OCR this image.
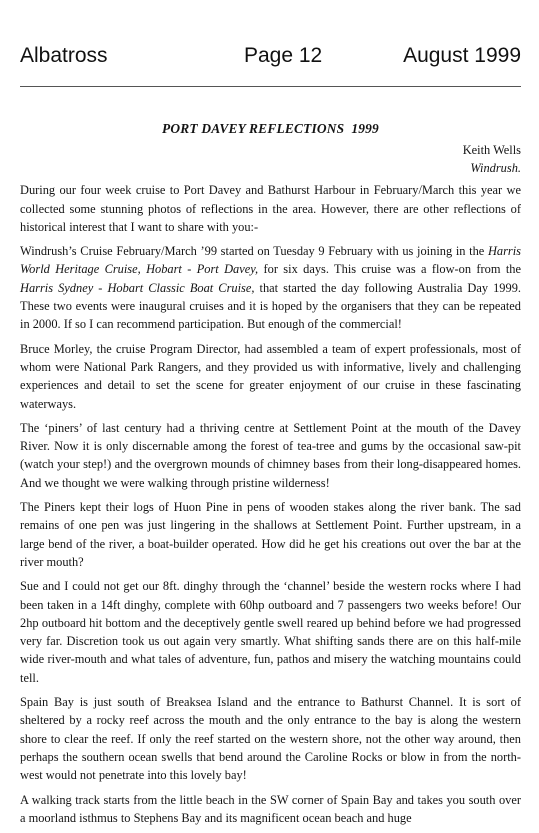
Albatross	Page 12	August 1999
PORT DAVEY REFLECTIONS  1999
Keith Wells
Windrush.

During our four week cruise to Port Davey and Bathurst Harbour in February/March this year we collected some stunning photos of reflections in the area. However, there are other reflections of historical interest that I want to share with you:-

Windrush’s Cruise February/March ’99 started on Tuesday 9 February with us joining in the Harris World Heritage Cruise, Hobart - Port Davey, for six days. This cruise was a flow-on from the Harris Sydney - Hobart Classic Boat Cruise, that started the day following Australia Day 1999. These two events were inaugural cruises and it is hoped by the organisers that they can be repeated in 2000. If so I can recommend participation. But enough of the commercial!

Bruce Morley, the cruise Program Director, had assembled a team of expert professionals, most of whom were National Park Rangers, and they provided us with informative, lively and challenging experiences and detail to set the scene for greater enjoyment of our cruise in these fascinating waterways.

The ‘piners’ of last century had a thriving centre at Settlement Point at the mouth of the Davey River. Now it is only discernable among the forest of tea-tree and gums by the occasional saw-pit (watch your step!) and the overgrown mounds of chimney bases from their long-disappeared homes. And we thought we were walking through pristine wilderness!

The Piners kept their logs of Huon Pine in pens of wooden stakes along the river bank. The sad remains of one pen was just lingering in the shallows at Settlement Point. Further upstream, in a large bend of the river, a boat-builder operated. How did he get his creations out over the bar at the river mouth?

Sue and I could not get our 8ft. dinghy through the ‘channel’ beside the western rocks where I had been taken in a 14ft dinghy, complete with 60hp outboard and 7 passengers two weeks before! Our 2hp outboard hit bottom and the deceptively gentle swell reared up behind before we had progressed very far. Discretion took us out again very smartly. What shifting sands there are on this half-mile wide river-mouth and what tales of adventure, fun, pathos and misery the watching mountains could tell.

Spain Bay is just south of Breaksea Island and the entrance to Bathurst Channel. It is sort of sheltered by a rocky reef across the mouth and the only entrance to the bay is along the western shore to clear the reef. If only the reef started on the western shore, not the other way around, then perhaps the southern ocean swells that bend around the Caroline Rocks or blow in from the north-west would not penetrate into this lovely bay!

A walking track starts from the little beach in the SW corner of Spain Bay and takes you south over a moorland isthmus to Stephens Bay and its magnificent ocean beach and huge
